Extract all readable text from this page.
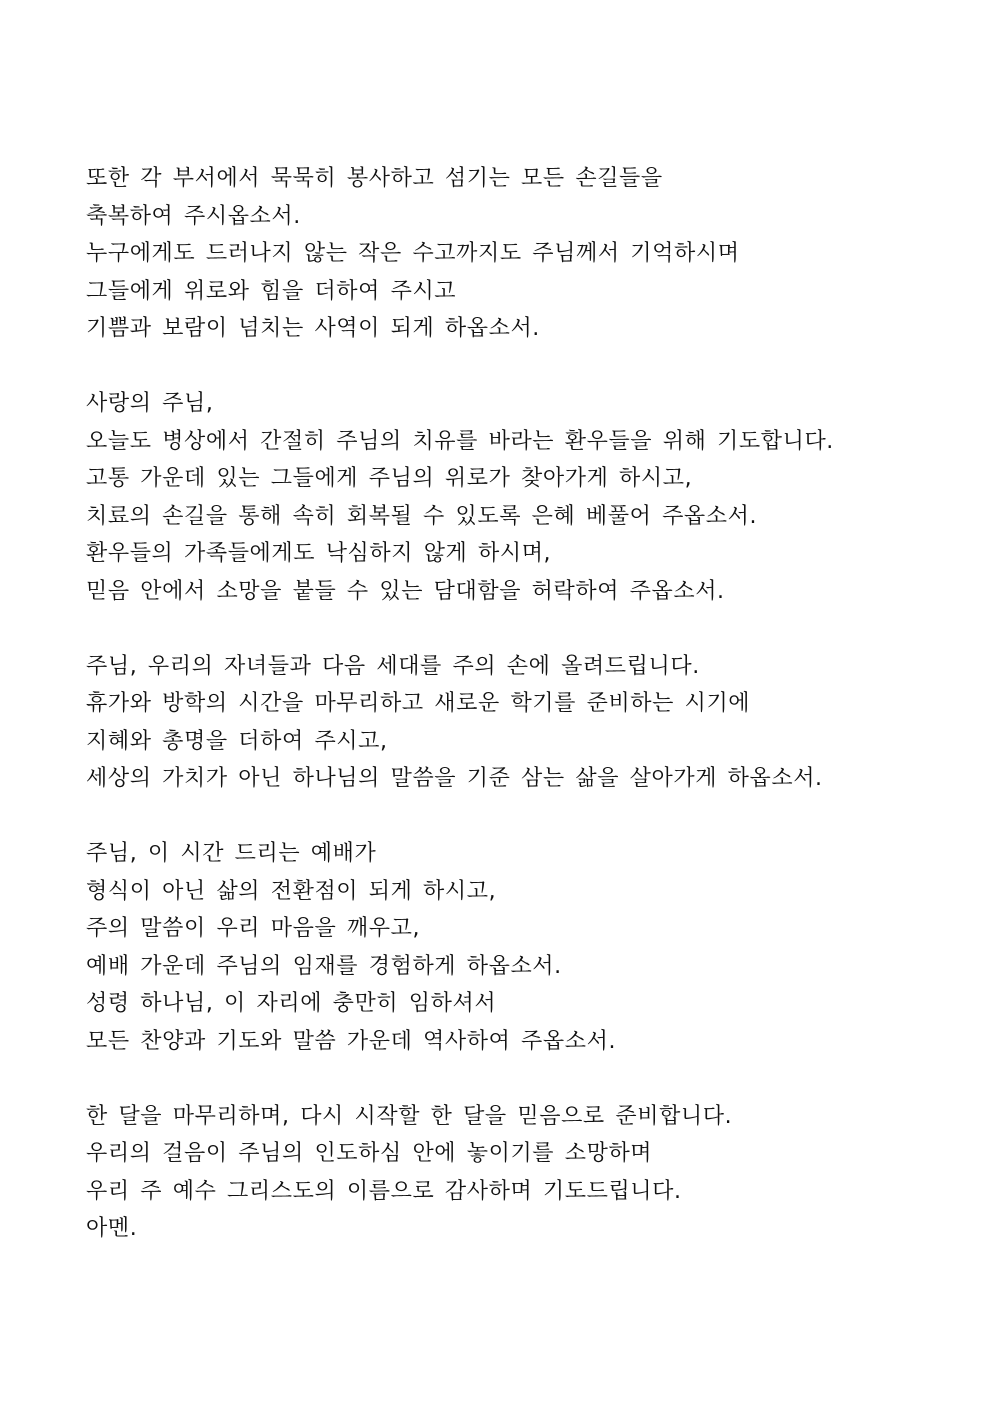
또한 각 부서에서 묵묵히 봉사하고 섬기는 모든 손길들을
축복하여 주시옵소서.
누구에게도 드러나지 않는 작은 수고까지도 주님께서 기억하시며
그들에게 위로와 힘을 더하여 주시고
기쁨과 보람이 넘치는 사역이 되게 하옵소서.
사랑의 주님,
오늘도 병상에서 간절히 주님의 치유를 바라는 환우들을 위해 기도합니다.
고통 가운데 있는 그들에게 주님의 위로가 찾아가게 하시고,
치료의 손길을 통해 속히 회복될 수 있도록 은혜 베풀어 주옵소서.
환우들의 가족들에게도 낙심하지 않게 하시며,
믿음 안에서 소망을 붙들 수 있는 담대함을 허락하여 주옵소서.
주님, 우리의 자녀들과 다음 세대를 주의 손에 올려드립니다.
휴가와 방학의 시간을 마무리하고 새로운 학기를 준비하는 시기에
지혜와 총명을 더하여 주시고,
세상의 가치가 아닌 하나님의 말씀을 기준 삼는 삶을 살아가게 하옵소서.
주님, 이 시간 드리는 예배가
형식이 아닌 삶의 전환점이 되게 하시고,
주의 말씀이 우리 마음을 깨우고,
예배 가운데 주님의 임재를 경험하게 하옵소서.
성령 하나님, 이 자리에 충만히 임하셔서
모든 찬양과 기도와 말씀 가운데 역사하여 주옵소서.
한 달을 마무리하며, 다시 시작할 한 달을 믿음으로 준비합니다.
우리의 걸음이 주님의 인도하심 안에 놓이기를 소망하며
우리 주 예수 그리스도의 이름으로 감사하며 기도드립니다.
아멘.
